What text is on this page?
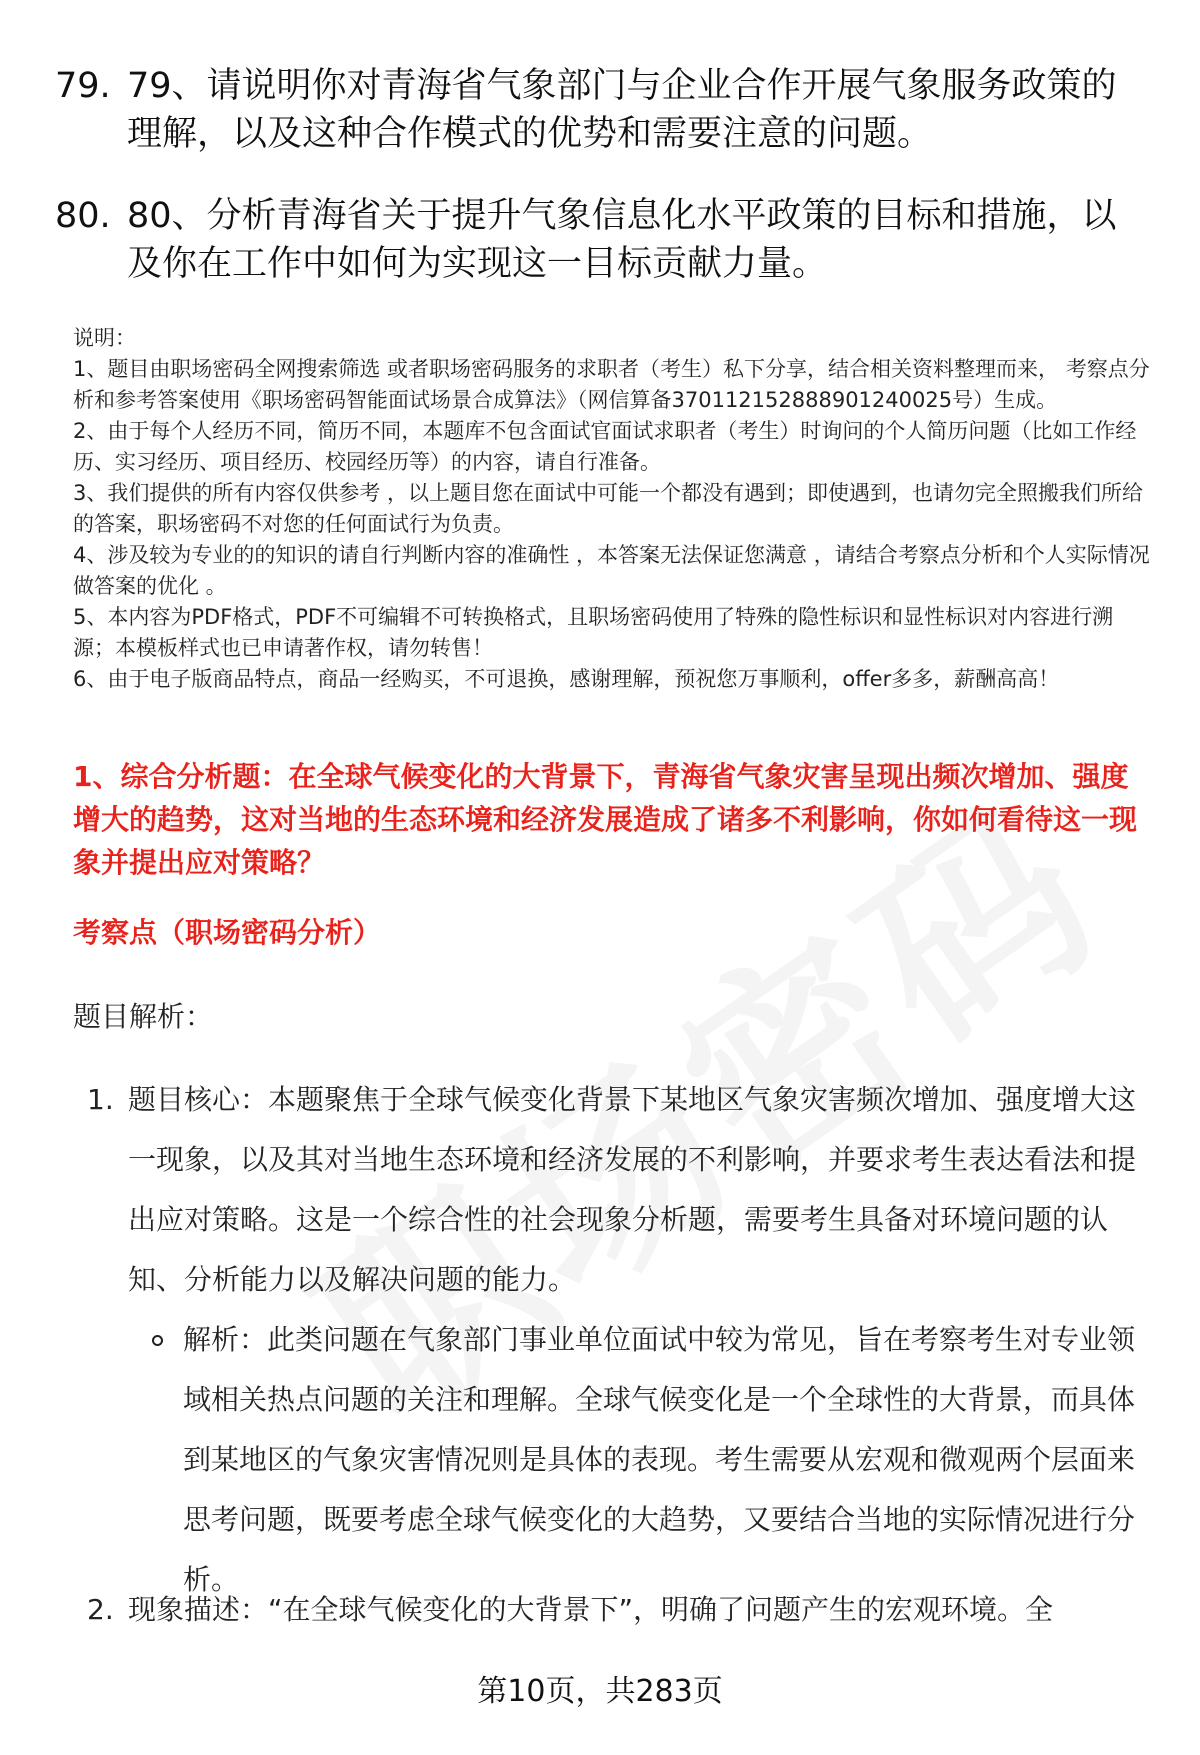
79. 79、请说明你对青海省气象部门与企业合作开展气象服务政策的理解，以及这种合作模式的优势和需要注意的问题。
80. 80、分析青海省关于提升气象信息化水平政策的目标和措施，以及你在工作中如何为实现这一目标贡献力量。

说明：

1、题目由职场密码全网搜索筛选 或者职场密码服务的求职者（考生）私下分享，结合相关资料整理而来， 考察点分析和参考答案使用《职场密码智能面试场景合成算法》（网信算备370112152888901240025号）生成。

2、由于每个人经历不同，简历不同，本题库不包含面试官面试求职者（考生）时询问的个人简历问题（比如工作经历、实习经历、项目经历、校园经历等）的内容，请自行准备。

3、我们提供的所有内容仅供参考 ，以上题目您在面试中可能一个都没有遇到；即使遇到，也请勿完全照搬我们所给的答案，职场密码不对您的任何面试行为负责。

4、涉及较为专业的的知识的请自行判断内容的准确性 ，本答案无法保证您满意 ，请结合考察点分析和个人实际情况做答案的优化 。

5、本内容为PDF格式，PDF不可编辑不可转换格式，且职场密码使用了特殊的隐性标识和显性标识对内容进行溯源；本模板样式也已申请著作权，请勿转售！

6、由于电子版商品特点，商品一经购买，不可退换，感谢理解，预祝您万事顺利，offer多多，薪酬高高！

1、综合分析题：在全球气候变化的大背景下，青海省气象灾害呈现出频次增加、强度增大的趋势，这对当地的生态环境和经济发展造成了诸多不利影响，你如何看待这一现象并提出应对策略？
考察点（职场密码分析）
题目解析：
1. 题目核心：本题聚焦于全球气候变化背景下某地区气象灾害频次增加、强度增大这一现象，以及其对当地生态环境和经济发展的不利影响，并要求考生表达看法和提出应对策略。这是一个综合性的社会现象分析题，需要考生具备对环境问题的认知、分析能力以及解决问题的能力。
解析：此类问题在气象部门事业单位面试中较为常见，旨在考察考生对专业领域相关热点问题的关注和理解。全球气候变化是一个全球性的大背景，而具体到某地区的气象灾害情况则是具体的表现。考生需要从宏观和微观两个层面来思考问题，既要考虑全球气候变化的大趋势，又要结合当地的实际情况进行分析。
2. 现象描述：“在全球气候变化的大背景下”，明确了问题产生的宏观环境。全
第10页，共283页
